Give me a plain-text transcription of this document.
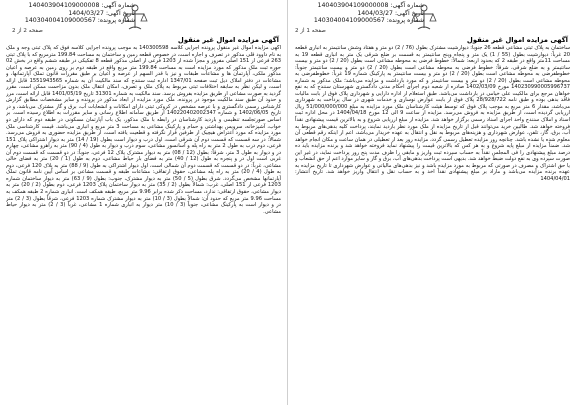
شماره آگهی: 140403904109000008
تاریخ آگهی: 1404/03/27
شماره پرونده: 140304004109000567
صفحه 2 از 2
آگهی مزایده اموال غیر منقول
آگهی مزایده اموال غیر منقول پرونده اجرایی کلاسه 140300598 به موجب پرونده اجرایی کلاسه فوق که پلاک ثبتی وجه و ملک به نام داوود قلی مذکور در تصرف و اجاره است، در خصوص قطعه زمین و ساختمان به مساحت 199.84 مترمربع که با پلاک ثبتی 263 فرعی از 151 اصلی مفروز و مجزا شده از 1203 فرعی از اصلی مذکور قطعه 8 تفکیکی در طبقه ششم واقع در بخش 02 حوزه ثبت ملک مذکور که مورد مزایده است به مساحت 199.84 متر مربع واقع در طبقه دوم بر روی زمین به عرصه و اعیان مذکور ملکی، آپارتمان ها و مشاعات طبقات و نیز با قدر السهم از عرصه و اعیان بر طبق مقررات قانون تملک آپارتمانها، و مشاعات در دفتر املاک ذیل ثبت صفحه 1347/01 اداره ثبت سنندج که سند مالکیت آن به شماره 1551943565 قابل ارائه است، و لیکن نظر به سابقه اختلافات ثبتی مربوط به پلاک ملک و تصرف، امکان انتقال ملک بدون مزاحمت ممکن است، مقرر گردید به صورت مشاعی از طریق مزایده بفروش برسد. سند مالکیت به شماره 31301 تاریخ 1401/05/19 قابل ارائه است، مرز و حدود آن طبق سند مالکیت موجود در پرونده، ملک مورد مزایده از ابعاد مذکور در پرونده و سایر مشخصات مطابق گزارش کارشناس رسمی دادگستری و با عرصه مشخص در کروکی ثبتی دارای امکانات و انشعابات آب، برق و گاز مشترک می‌باشد، و در تاریخ 1402/06/05 و شماره 140220402002347 از طریق سامانه اطلاع رسانی و سایر مقررات به اطلاع رسیده است. بر اساس صورتجلسه تنظیمی و بازدید کارشناسان در رابطه با ملک مذکور، یک باب آپارتمان مسکونی در طبقه دوم که دارای دو خواب، آشپزخانه، سرویس بهداشتی و حمام و پارکینگ مشاعی به مساحت 3 متر مربع و انباری می‌باشد. قیمت کارشناسی ملک مورد مزایده که مورد اعتراض هیچیک از طرفین قرار نگرفته و قطعیت یافته است، از طریق مزایده حضوری به فروش می‌رسد. شمالاً: در سه قسمت که قسمت دوم آن شرقی است، اول درب و دیوار است بطول (19 / 14) متر به دیوار اشتراکی پلاک 151 فرعی، دوم درب به طول 2 متر به راه پله و آسانسور مشاعی، سوم درب و دیوار به طول (4 / 90) متر به راهرو مشاعی، چهارم در و دیوار به طول 3 متر، شرقاً: بطول (12 / 08) متر به دیوار مشترک پلاک 12 فرعی، جنوباً: در دو قسمت که قسمت دوم آن غربی است اول در و پنجره به طول (12 / 40) متر به فضای باز حیاط مشاعی، دوم به طول (1 / 20) متر به فضای خالی مشاعی، غرباً: در دو قسمت که قسمت دوم آن شمالی است، اول دیوار اشتراکی به طول (9 / 88) متر به پلاک 120 فرعی، دوم به طول (4 / 20) متر به راه پله مشاعی، حقوق ارتفاقی: مشاعات طبقه و قسمت مشاعی بر اساس آیین نامه قانون تملک آپارتمانها مشخص می‌گردد. شرق بطول (5 / 50) متر به دیوار مشترک، جنوب: بطول (9 / 63) متر به دیوار ساختمان شماره 1203 فرعی از 151 اصلی، غرب: شمالاً بطول (2 / 35) متر به دیوار ساختمان پلاک 1203 فرعی، دوم بطول (2 / 20) متر به دیوار مشاعی، حقوق ارتفاقی: ندارد، مساحت ذکر شده برابر 9.96 متر مربع، طبقه همکف است. انباری شماره 2 طبقه همکف به مساحت 9.96 متر مربع که حدود آن: شمالاً بطول (3 / 10) متر به دیوار مشترک شماره 1203 فرعی، شرقاً بطول (3 / 2) متر در و دیوار است به پارکینگ مشاعی، جنوباً (3 / 10) متر دیوار به انباری شماره 1 مشاعی، غرباً (3 / 2) متر به دیوار حیاط مشاعی.
شماره آگهی: 140403904109000008
تاریخ آگهی: 1404/03/27
شماره پرونده: 140304004109000567
آگهی مزایده اموال غیر منقول
ساختمان به پلاک ثبتی مشاعی قطعه 26 جنوباً: دیوارشیت مشترک بطول (76 / 2) دو متر و هفتاد وشش سانتیمتر به انباری قطعه 20 غرباً: دیوارشیت بطول (55 / 1) یک متر و پنجاه وپنج سانتیمتر به قسمت بر ضلع شرقی یک متر به انباری قطعه 19 به مساحت 11متر واقع در طبقه 2 که بحدود اربعه: شمالاً: خطوط فرضی به محوطه مشاعی است بطول (20 / 2) دو متر و بیست سانتیمتر و به ضلع شرقی، شرقاً: خطوط فرضی به محوطه مشاعی است بطول (20 / 2) دو متر و بیست سانتیمتر جنوباً: خطوطفرضی به محوطه مشاعی است بطول (20 / 2) دو متر و بیست سانتیمتر به پارکینگ شماره 19 غرباً: خطوطفرضی به محوطه مشاعی است بطول (20 / 2) دو متر و بیست سانتیمتر و که مورد بازداشت و مزایده می‌باشد؛ ملک مذکور به شماره 140230990005996737 مورخ 1402/03/09 صادره از شعبه دوم اجرای احکام مدنی دادگستری شهرستان سنندج که به نفع خواهان مرجع برای مالکیت علی خیامی در بازداشت می‌باشد. طبق استعلام از اداره دارایی و شهرداری پلاک فوق از بابت مالیات فاقد بدهی بوده و طبق نامه 28/928/722 پلاک فوق از بابت عوارض نوسازی و خدمات شهری در سال پرداخت به شهرداری می‌باشد، مقدار 6 متر مربع به موجب پلاک فوق که توسط هیئت کارشناسان ملک مورد مزایده به مبلغ 51/000/000/000 ریال ارزیابی گردیده است، از طریق مزایده به فروش می‌رسد. مزایده از ساعت 9 الی 12 مورخ 1404/04/18 در محل اداره ثبت اسناد و املاک سنندج واحد اجرای اسناد رسمی برگزار خواهد شد. مزایده از مبلغ ارزیابی شروع و به بالاترین قیمت پیشنهادی نقداً فروخته خواهد شد. طالبین خرید می‌توانند قبل از تاریخ مزایده از ملک مورد نظر بازدید نمایند، پرداخت کلیه بدهی‌های مربوط به آب، برق، گاز، تلفن، عوارض شهرداری و هزینه‌های مربوط به نقل و انتقال به عهده خریدار می‌باشد، اعم از اینکه رقم قطعی آن معلوم شده یا نشده باشد. چنانچه روز مزایده تعطیل رسمی گردد، مزایده روز بعد از تعطیلی در همان ساعت و مکان انجام خواهد شد. ضمناً مزایده از مبلغ پایه شروع و به هر کس که بالاترین قیمت را پیشنهاد نماید فروخته خواهد شد و برنده مزایده باید ده درصد مبلغ پیشنهادی را فی المجلس نقداً به حساب سپرده ثبت واریز و مابقی را ظرف مدت پنج روز پرداخت نماید، در غیر این صورت سپرده وی به نفع دولت ضبط خواهد شد. بدیهی است پرداخت بدهی‌های آب، برق و گاز و سایر موارد اعم از حق انشعاب و یا حق اشتراک و مصرف در صورتی که مربوط به مورد مزایده باشد و نیز بدهی‌های مالیاتی و عوارض شهرداری تا تاریخ مزایده به عهده برنده مزایده می‌باشد و مازاد بر مبلغ پیشنهادی نقداً اخذ و به حساب نقل و انتقال واریز خواهد شد. تاریخ انتشار: 1404/04/01
صفحه 1 از 2
